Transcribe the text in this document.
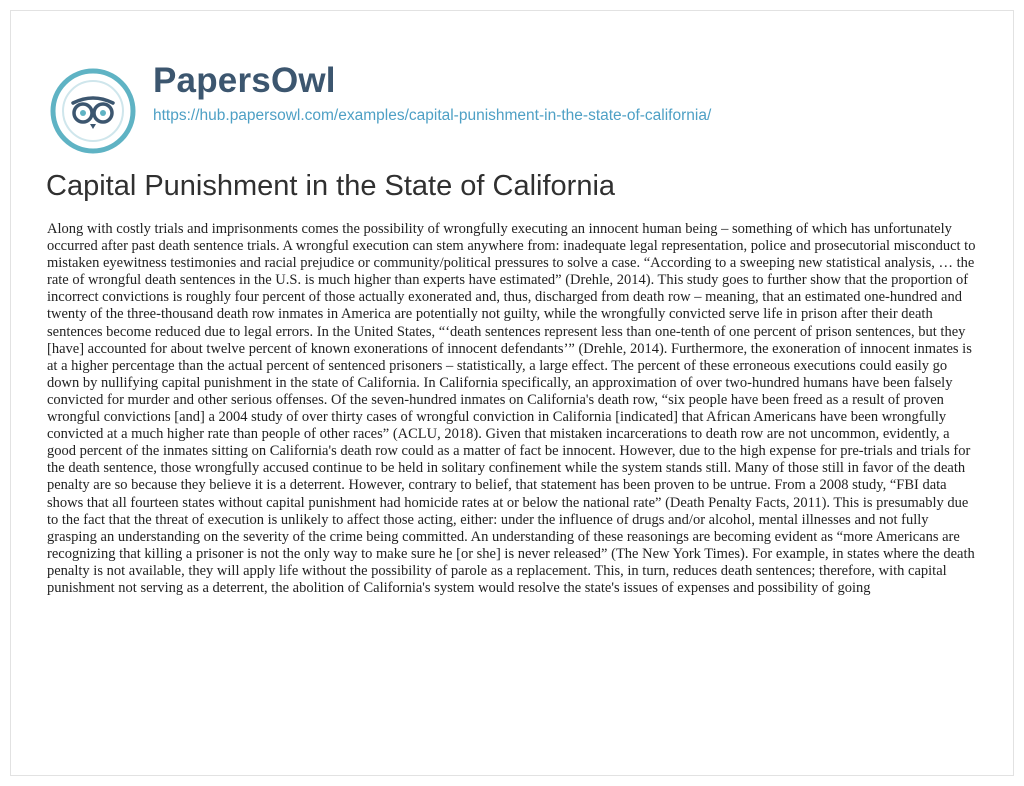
PapersOwl
https://hub.papersowl.com/examples/capital-punishment-in-the-state-of-california/
Capital Punishment in the State of California

Along with costly trials and imprisonments comes the possibility of wrongfully executing an innocent human being – something of which has unfortunately occurred after past death sentence trials. A wrongful execution can stem anywhere from: inadequate legal representation, police and prosecutorial misconduct to mistaken eyewitness testimonies and racial prejudice or community/political pressures to solve a case. “According to a sweeping new statistical analysis, … the rate of wrongful death sentences in the U.S. is much higher than experts have estimated” (Drehle, 2014). This study goes to further show that the proportion of incorrect convictions is roughly four percent of those actually exonerated and, thus, discharged from death row – meaning, that an estimated one-hundred and twenty of the three-thousand death row inmates in America are potentially not guilty, while the wrongfully convicted serve life in prison after their death sentences become reduced due to legal errors. In the United States, “‘death sentences represent less than one-tenth of one percent of prison sentences, but they [have] accounted for about twelve percent of known exonerations of innocent defendants’” (Drehle, 2014). Furthermore, the exoneration of innocent inmates is at a higher percentage than the actual percent of sentenced prisoners – statistically, a large effect. The percent of these erroneous executions could easily go down by nullifying capital punishment in the state of California. In California specifically, an approximation of over two-hundred humans have been falsely convicted for murder and other serious offenses. Of the seven-hundred inmates on California's death row, “six people have been freed as a result of proven wrongful convictions [and] a 2004 study of over thirty cases of wrongful conviction in California [indicated] that African Americans have been wrongfully convicted at a much higher rate than people of other races” (ACLU, 2018). Given that mistaken incarcerations to death row are not uncommon, evidently, a good percent of the inmates sitting on California's death row could as a matter of fact be innocent. However, due to the high expense for pre-trials and trials for the death sentence, those wrongfully accused continue to be held in solitary confinement while the system stands still. Many of those still in favor of the death penalty are so because they believe it is a deterrent. However, contrary to belief, that statement has been proven to be untrue. From a 2008 study, “FBI data shows that all fourteen states without capital punishment had homicide rates at or below the national rate” (Death Penalty Facts, 2011). This is presumably due to the fact that the threat of execution is unlikely to affect those acting, either: under the influence of drugs and/or alcohol, mental illnesses and not fully grasping an understanding on the severity of the crime being committed. An understanding of these reasonings are becoming evident as “more Americans are recognizing that killing a prisoner is not the only way to make sure he [or she] is never released” (The New York Times). For example, in states where the death penalty is not available, they will apply life without the possibility of parole as a replacement. This, in turn, reduces death sentences; therefore, with capital punishment not serving as a deterrent, the abolition of California's system would resolve the state's issues of expenses and possibility of going
